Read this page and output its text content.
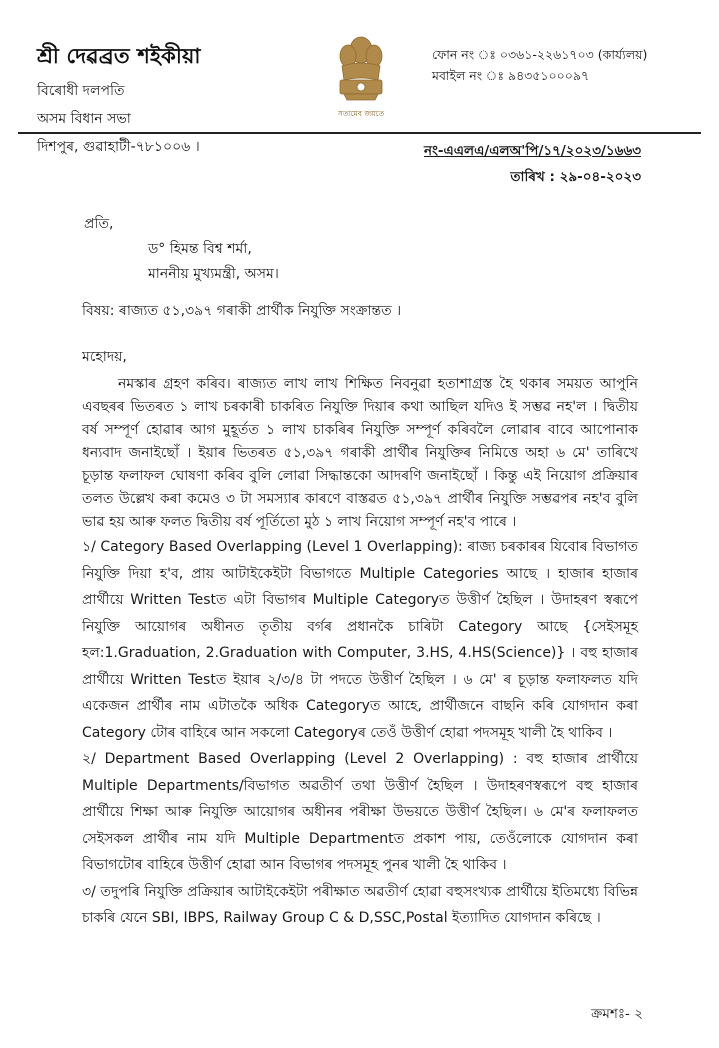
শ্ৰী দেৱব্ৰত শইকীয়া
বিৰোধী দলপতি
অসম বিধান সভা
দিশপুৰ, গুৱাহাটী-৭৮১০০৬ ।
সত্যমেব জয়তে
ফোন নং ঃ ০৩৬১-২২৬১৭০৩ (কাৰ্য্যলয়)
মবাইল নং ঃ ৯৪৩৫১০০০৯৭
নং-এএলএ/এলঅ'পি/১৭/২০২৩/১৬৬৩
তাৰিখ : ২৯-০৪-২০২৩
প্ৰতি,
ড° হিমন্ত বিশ্ব শৰ্মা,
মাননীয় মুখ্যমন্ত্ৰী, অসম।
বিষয়: ৰাজ্যত ৫১,৩৯৭ গৰাকী প্ৰাৰ্থীক নিযুক্তি সংক্ৰান্তত ।
মহোদয়,

নমস্কাৰ গ্ৰহণ কৰিব। ৰাজ্যত লাখ লাখ শিক্ষিত নিবনুৱা হতাশাগ্ৰস্ত হৈ থকাৰ সময়ত আপুনি এবছৰৰ ভিতৰত ১ লাখ চৰকাৰী চাকৰিত নিযুক্তি দিয়াৰ কথা আছিল যদিও ই সম্ভৱ নহ'ল । দ্বিতীয় বৰ্ষ সম্পূৰ্ণ হোৱাৰ আগ মুহূৰ্তত ১ লাখ চাকৰিৰ নিযুক্তি সম্পূৰ্ণ কৰিবলৈ লোৱাৰ বাবে আপোনাক ধন্যবাদ জনাইছোঁ । ইয়াৰ ভিতৰত ৫১,৩৯৭ গৰাকী প্ৰাৰ্থীৰ নিযুক্তিৰ নিমিত্তে অহা ৬ মে' তাৰিখে চূড়ান্ত ফলাফল ঘোষণা কৰিব বুলি লোৱা সিদ্ধান্তকো আদৰণি জনাইছোঁ । কিন্তু এই নিয়োগ প্ৰক্ৰিয়াৰ তলত উল্লেখ কৰা কমেও ৩ টা সমস্যাৰ কাৰণে বাস্তৱত ৫১,৩৯৭ প্ৰাৰ্থীৰ নিযুক্তি সম্ভৱপৰ নহ'ব বুলি ভাৱ হয় আৰু ফলত দ্বিতীয় বৰ্ষ পূৰ্তিতো মুঠ ১ লাখ নিয়োগ সম্পূৰ্ণ নহ'ব পাৰে ।

১/ Category Based Overlapping (Level 1 Overlapping): ৰাজ্য চৰকাৰৰ যিবোৰ বিভাগত নিযুক্তি দিয়া হ'ব, প্ৰায় আটাইকেইটা বিভাগতে Multiple Categories আছে । হাজাৰ হাজাৰ প্ৰাৰ্থীয়ে Written Testত এটা বিভাগৰ Multiple Categoryত উত্তীৰ্ণ হৈছিল । উদাহৰণ স্বৰূপে নিযুক্তি আয়োগৰ অধীনত তৃতীয় বৰ্গৰ প্ৰধানকৈ চাৰিটা Category আছে {সেইসমূহ হল:1.Graduation, 2.Graduation with Computer, 3.HS, 4.HS(Science)} । বহু হাজাৰ প্ৰাৰ্থীয়ে Written Testত ইয়াৰ ২/৩/৪ টা পদতে উত্তীৰ্ণ হৈছিল । ৬ মে' ৰ চূড়ান্ত ফলাফলত যদি একেজন প্ৰাৰ্থীৰ নাম এটাতকৈ অধিক Categoryত আহে, প্ৰাৰ্থীজনে বাছনি কৰি যোগদান কৰা Category টোৰ বাহিৰে আন সকলো Categoryৰ তেওঁ উত্তীৰ্ণ হোৱা পদসমূহ খালী হৈ থাকিব ।

২/ Department Based Overlapping (Level 2 Overlapping) : বহু হাজাৰ প্ৰাৰ্থীয়ে Multiple Departments/বিভাগত অৱতীৰ্ণ তথা উত্তীৰ্ণ হৈছিল । উদাহৰণস্বৰূপে বহু হাজাৰ প্ৰাৰ্থীয়ে শিক্ষা আৰু নিযুক্তি আয়োগৰ অধীনৰ পৰীক্ষা উভয়তে উত্তীৰ্ণ হৈছিল। ৬ মে'ৰ ফলাফলত সেইসকল প্ৰাৰ্থীৰ নাম যদি Multiple Departmentত প্ৰকাশ পায়, তেওঁলোকে যোগদান কৰা বিভাগটোৰ বাহিৰে উত্তীৰ্ণ হোৱা আন বিভাগৰ পদসমূহ পুনৰ খালী হৈ থাকিব ।

৩/ তদুপৰি নিযুক্তি প্ৰক্ৰিয়াৰ আটাইকেইটা পৰীক্ষাত অৱতীৰ্ণ হোৱা বহুসংখ্যক প্ৰাৰ্থীয়ে ইতিমধ্যে বিভিন্ন চাকৰি যেনে SBI, IBPS, Railway Group C & D,SSC,Postal ইত্যাদিত যোগদান কৰিছে ।

ক্ৰমশঃ- ২
